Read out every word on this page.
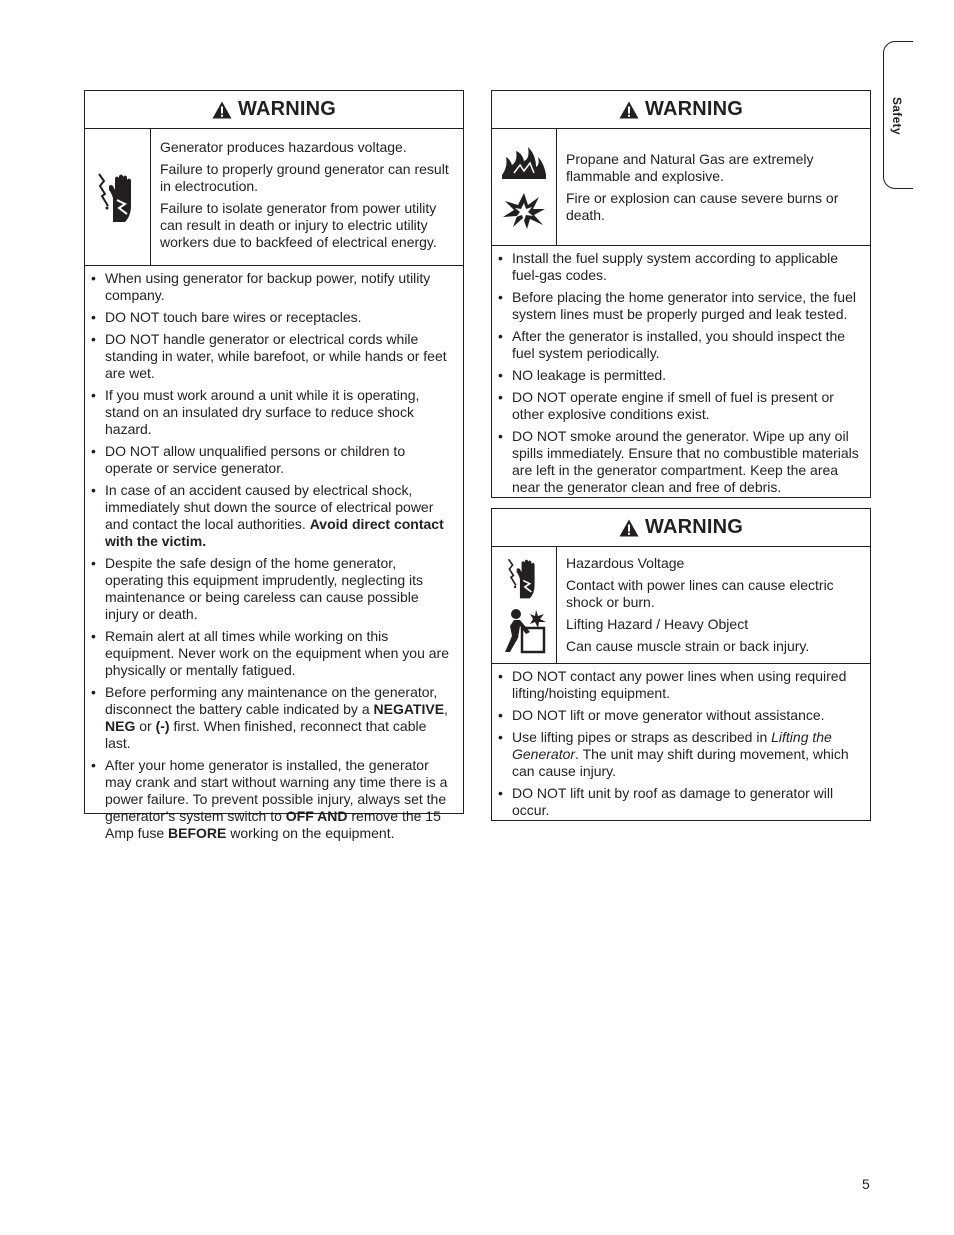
Safety
WARNING

Generator produces hazardous voltage.

Failure to properly ground generator can result in electrocution.

Failure to isolate generator from power utility can result in death or injury to electric utility workers due to backfeed of electrical energy.

• When using generator for backup power, notify utility company.
• DO NOT touch bare wires or receptacles.
• DO NOT handle generator or electrical cords while standing in water, while barefoot, or while hands or feet are wet.
• If you must work around a unit while it is operating, stand on an insulated dry surface to reduce shock hazard.
• DO NOT allow unqualified persons or children to operate or service generator.
• In case of an accident caused by electrical shock, immediately shut down the source of electrical power and contact the local authorities. Avoid direct contact with the victim.
• Despite the safe design of the home generator, operating this equipment imprudently, neglecting its maintenance or being careless can cause possible injury or death.
• Remain alert at all times while working on this equipment. Never work on the equipment when you are physically or mentally fatigued.
• Before performing any maintenance on the generator, disconnect the battery cable indicated by a NEGATIVE, NEG or (-) first. When finished, reconnect that cable last.
• After your home generator is installed, the generator may crank and start without warning any time there is a power failure. To prevent possible injury, always set the generator’s system switch to OFF AND remove the 15 Amp fuse BEFORE working on the equipment.
WARNING

Propane and Natural Gas are extremely flammable and explosive.

Fire or explosion can cause severe burns or death.

• Install the fuel supply system according to applicable fuel-gas codes.
• Before placing the home generator into service, the fuel system lines must be properly purged and leak tested.
• After the generator is installed, you should inspect the fuel system periodically.
• NO leakage is permitted.
• DO NOT operate engine if smell of fuel is present or other explosive conditions exist.
• DO NOT smoke around the generator. Wipe up any oil spills immediately. Ensure that no combustible materials are left in the generator compartment. Keep the area near the generator clean and free of debris.
WARNING

Hazardous Voltage

Contact with power lines can cause electric shock or burn.

Lifting Hazard / Heavy Object

Can cause muscle strain or back injury.

• DO NOT contact any power lines when using required lifting/hoisting equipment.
• DO NOT lift or move generator without assistance.
• Use lifting pipes or straps as described in Lifting the Generator. The unit may shift during movement, which can cause injury.
• DO NOT lift unit by roof as damage to generator will occur.
5
